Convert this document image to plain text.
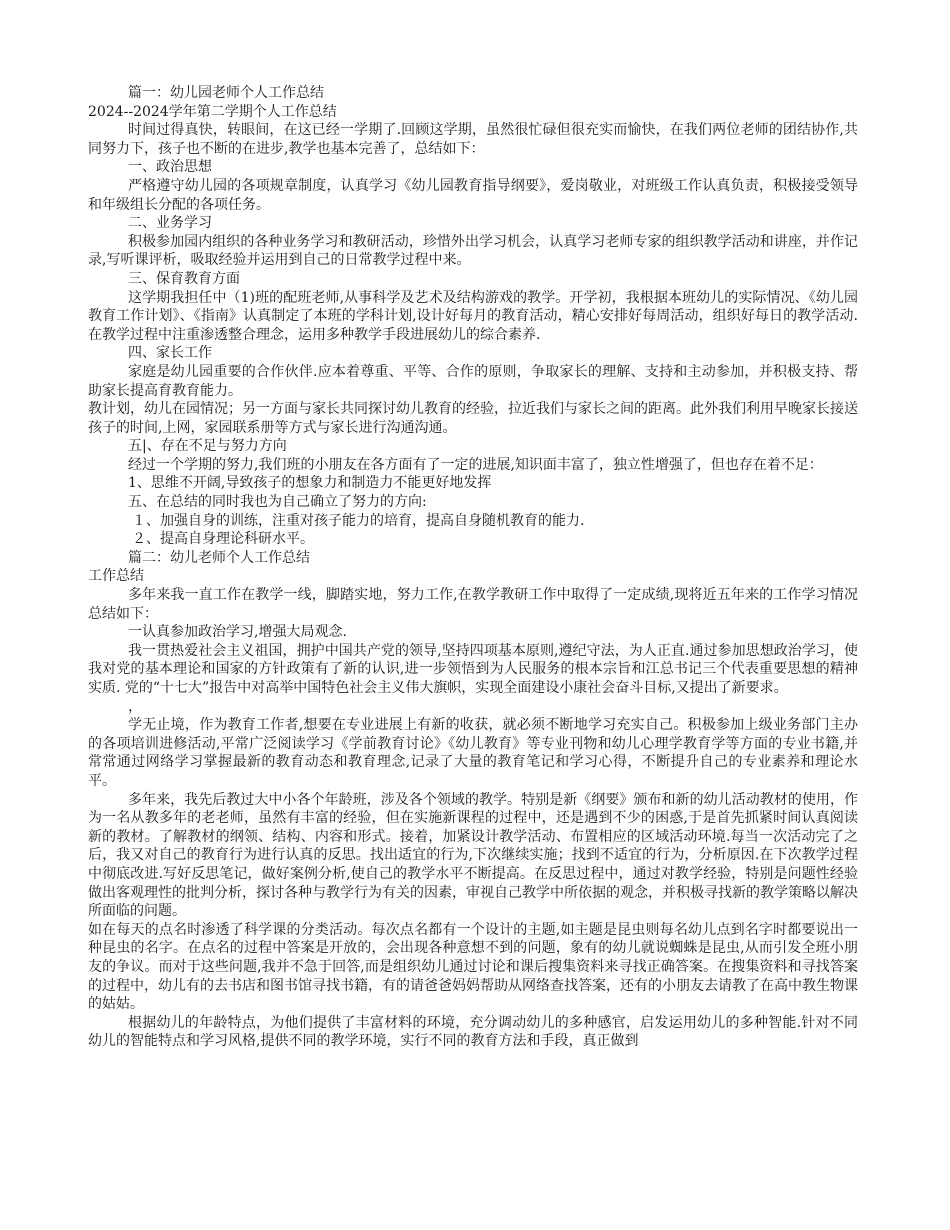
篇一：幼儿园老师个人工作总结

2024--2024学年第二学期个人工作总结

时间过得真快，转眼间，在这已经一学期了.回顾这学期，虽然很忙碌但很充实而愉快，在我们两位老师的团结协作,共同努力下，孩子也不断的在进步,教学也基本完善了，总结如下：

一、政治思想

严格遵守幼儿园的各项规章制度，认真学习《幼儿园教育指导纲要》，爱岗敬业，对班级工作认真负责，积极接受领导和年级组长分配的各项任务。

二、业务学习

积极参加园内组织的各种业务学习和教研活动，珍惜外出学习机会，认真学习老师专家的组织教学活动和讲座，并作记录,写听课评析，吸取经验并运用到自己的日常教学过程中来。

三、保育教育方面

这学期我担任中（1)班的配班老师,从事科学及艺术及结构游戏的教学。开学初，我根据本班幼儿的实际情况、《幼儿园教育工作计划》、《指南》认真制定了本班的学科计划,设计好每月的教育活动，精心安排好每周活动，组织好每日的教学活动.在教学过程中注重渗透整合理念，运用多种教学手段进展幼儿的综合素养.

四、家长工作

家庭是幼儿园重要的合作伙伴.应本着尊重、平等、合作的原则，争取家长的理解、支持和主动参加，并积极支持、帮助家长提高育教育能力。

教计划，幼儿在园情况；另一方面与家长共同探讨幼儿教育的经验，拉近我们与家长之间的距离。此外我们利用早晚家长接送孩子的时间,上网，家园联系册等方式与家长进行沟通沟通。

五|、存在不足与努力方向

经过一个学期的努力,我们班的小朋友在各方面有了一定的进展,知识面丰富了，独立性增强了，但也存在着不足：

1、思维不开阔,导致孩子的想象力和制造力不能更好地发挥

五、在总结的同时我也为自己确立了努力的方向:

１、加强自身的训练，注重对孩子能力的培育，提高自身随机教育的能力.

２、提高自身理论科研水平。

篇二：幼儿老师个人工作总结

工作总结

多年来我一直工作在教学一线，脚踏实地，努力工作,在教学教研工作中取得了一定成绩,现将近五年来的工作学习情况总结如下：

一认真参加政治学习,增强大局观念.

我一贯热爱社会主义祖国，拥护中国共产党的领导,坚持四项基本原则,遵纪守法，为人正直.通过参加思想政治学习，使我对党的基本理论和国家的方针政策有了新的认识,进一步领悟到为人民服务的根本宗旨和江总书记三个代表重要思想的精神实质. 党的“十七大”报告中对高举中国特色社会主义伟大旗帜，实现全面建设小康社会奋斗目标,又提出了新要求。

，

学无止境，作为教育工作者,想要在专业进展上有新的收获，就必须不断地学习充实自己。积极参加上级业务部门主办的各项培训进修活动,平常广泛阅读学习《学前教育讨论》《幼儿教育》等专业刊物和幼儿心理学教育学等方面的专业书籍,并常常通过网络学习掌握最新的教育动态和教育理念,记录了大量的教育笔记和学习心得，不断提升自己的专业素养和理论水平。

多年来，我先后教过大中小各个年龄班，涉及各个领域的教学。特别是新《纲要》颁布和新的幼儿活动教材的使用，作为一名从教多年的老老师，虽然有丰富的经验，但在实施新课程的过程中，还是遇到不少的困惑,于是首先抓紧时间认真阅读新的教材。了解教材的纲领、结构、内容和形式。接着，加紧设计教学活动、布置相应的区域活动环境.每当一次活动完了之后，我又对自己的教育行为进行认真的反思。找出适宜的行为,下次继续实施；找到不适宜的行为，分析原因.在下次教学过程中彻底改进.写好反思笔记，做好案例分析,使自己的教学水平不断提高。在反思过程中，通过对教学经验，特别是问题性经验做出客观理性的批判分析，探讨各种与教学行为有关的因素，审视自己教学中所依据的观念，并积极寻找新的教学策略以解决所面临的问题。

如在每天的点名时渗透了科学课的分类活动。每次点名都有一个设计的主题,如主题是昆虫则每名幼儿点到名字时都要说出一种昆虫的名字。在点名的过程中答案是开放的，会出现各种意想不到的问题，象有的幼儿就说蜘蛛是昆虫,从而引发全班小朋友的争议。而对于这些问题,我并不急于回答,而是组织幼儿通过讨论和课后搜集资料来寻找正确答案。在搜集资料和寻找答案的过程中，幼儿有的去书店和图书馆寻找书籍，有的请爸爸妈妈帮助从网络查找答案，还有的小朋友去请教了在高中教生物课的姑姑。

根据幼儿的年龄特点，为他们提供了丰富材料的环境，充分调动幼儿的多种感官，启发运用幼儿的多种智能.针对不同幼儿的智能特点和学习风格,提供不同的教学环境，实行不同的教育方法和手段，真正做到
